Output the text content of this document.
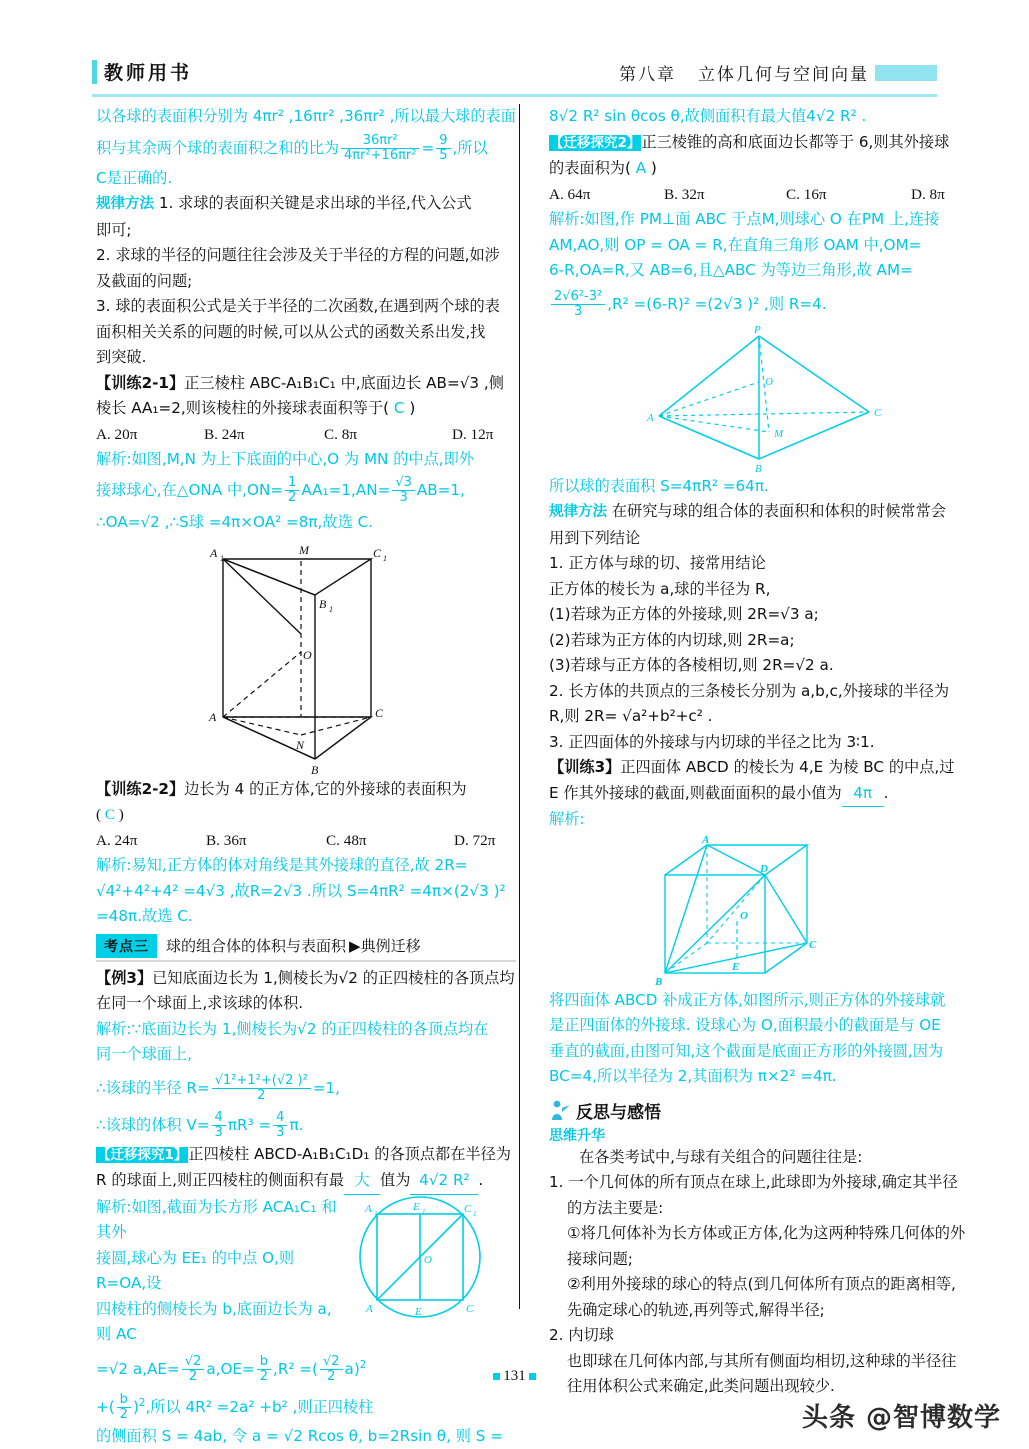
教师用书	第八章 立体几何与空间向量
以各球的表面积分别为 4πr² ,16πr² ,36πr² ,所以最大球的表面
积与其余两个球的表面积之和的比为 $\frac{\text{36πr²}}{\text{4πr²+16πr²}} = \frac{9}{5}$ ,所以
C是正确的.
规律方法 1. 求球的表面积关键是求出球的半径,代入公式
即可;
2. 求球的半径的问题往往会涉及关于半径的方程的问题,如涉
及截面的问题;
3. 球的表面积公式是关于半径的二次函数,在遇到两个球的表
面积相关关系的问题的时候,可以从公式的函数关系出发,找
到突破.
【训练2-1】正三棱柱 ABC-A₁B₁C₁ 中,底面边长 AB=√3 ,侧
棱长 AA₁=2,则该棱柱的外接球表面积等于( C )
A. 20π	B. 24π	C. 8π	D. 12π
解析:如图,M,N 为上下底面的中心,O 为 MN 的中点,即外
接球球心,在△ONA 中$,ON= \frac{1}{2} AA_1=1,AN= \frac{√3}{3} AB=1$,
∴OA=√2 ,∴S球 =4π×OA² =8π,故选 C.
A 1
M	C 1
B 1
O
A	C
N
B
【训练2-2】边长为 4 的正方体,它的外接球的表面积为
( C )
A. 24π	B. 36π	C. 48π	D. 72π
解析:易知,正方体的体对角线是其外接球的直径,故 2R=
√4²+4²+4² =4√3 ,故R=2√3 .所以 S=4πR² =4π×(2√3 )²
=48π.故选 C.
考点三	球的组合体的体积与表面积 ▶ 典例迁移
【例3】已知底面边长为 1,侧棱长为√2 的正四棱柱的各顶点均
在同一个球面上,求该球的体积.
解析:∵底面边长为 1,侧棱长为√2 的正四棱柱的各顶点均在
同一个球面上,
∴该球的半径 $R= \frac{\text{√1²+1²+(√2 )²}}{2} =1$,
∴该球的体积 $V= \frac{4}{3} \pi R^3 = \frac{4}{3} \pi$.
【迁移探究1】正四棱柱 ABCD-A₁B₁C₁D₁ 的各顶点都在半径为
R 的球面上,则正四棱柱的侧面积有最 大 值为 4√2 R² .
解析:如图,截面为长方形 ACA₁C₁ 和其外
接圆,球心为 EE₁ 的中点 O,则 R=OA,设
四棱柱的侧棱长为 b,底面边长为 a,则 AC
=√2 $a,AE= \frac{√2}{2} a,OE= \frac{b}{2} ,R^2$ =( $\frac{√2}{2} a)^2$
A 1
E 1	C 1
O
A	E	C
+( $\frac{b}{2} )^2$,所以 4R² =2a² +b² ,则正四棱柱
的侧面积 S = 4ab, 令 a = √2 Rcos θ, b=2Rsin θ, 则 S =
8√2 R² sin θcos θ,故侧面积有最大值4√2 R² .
【迁移探究2】正三棱锥的高和底面边长都等于 6,则其外接球
的表面积为( A )
A. 64π	B. 32π	C. 16π	D. 8π
解析:如图,作 PM⊥面 ABC 于点M,则球心 O 在PM 上,连接
AM,AO,则 OP = OA = R,在直角三角形 OAM 中,OM=
6-R,OA=R,又 AB=6,且△ABC 为等边三角形,故 AM=
$\frac{\text{2√6²-3²}}{3} ,R^2 =(6-R)^2 =(2√3$ )² ,则 R=4.
P
O
A	C
M
B
所以球的表面积 S=4πR² =64π.
规律方法 在研究与球的组合体的表面积和体积的时候常常会
用到下列结论
1. 正方体与球的切、接常用结论
正方体的棱长为 a,球的半径为 R,
(1)若球为正方体的外接球,则 2R=√3 a;
(2)若球为正方体的内切球,则 2R=a;
(3)若球与正方体的各棱相切,则 2R=√2 a.
2. 长方体的共顶点的三条棱长分别为 a,b,c,外接球的半径为
R,则 2R= √a²+b²+c² .
3. 正四面体的外接球与内切球的半径之比为 3∶1.
【训练3】正四面体 ABCD 的棱长为 4,E 为棱 BC 的中点,过
E 作其外接球的截面,则截面面积的最小值为 4π .
解析:
A
D
O
C
B
E
将四面体 ABCD 补成正方体,如图所示,则正方体的外接球就
是正四面体的外接球. 设球心为 O,面积最小的截面是与 OE
垂直的截面,由图可知,这个截面是底面正方形的外接圆,因为
BC=4,所以半径为 2,其面积为 π×2² =4π.
反思与感悟
思维升华
在各类考试中,与球有关组合的问题往往是:
1. 一个几何体的所有顶点在球上,此球即为外接球,确定其半径
的方法主要是:
①将几何体补为长方体或正方体,化为这两种特殊几何体的外
接球问题;
②利用外接球的球心的特点(到几何体所有顶点的距离相等,
先确定球心的轨迹,再列等式,解得半径;
2. 内切球
也即球在几何体内部,与其所有侧面均相切,这种球的半径往
往用体积公式来确定,此类问题出现较少.
131
头条 @智博数学
